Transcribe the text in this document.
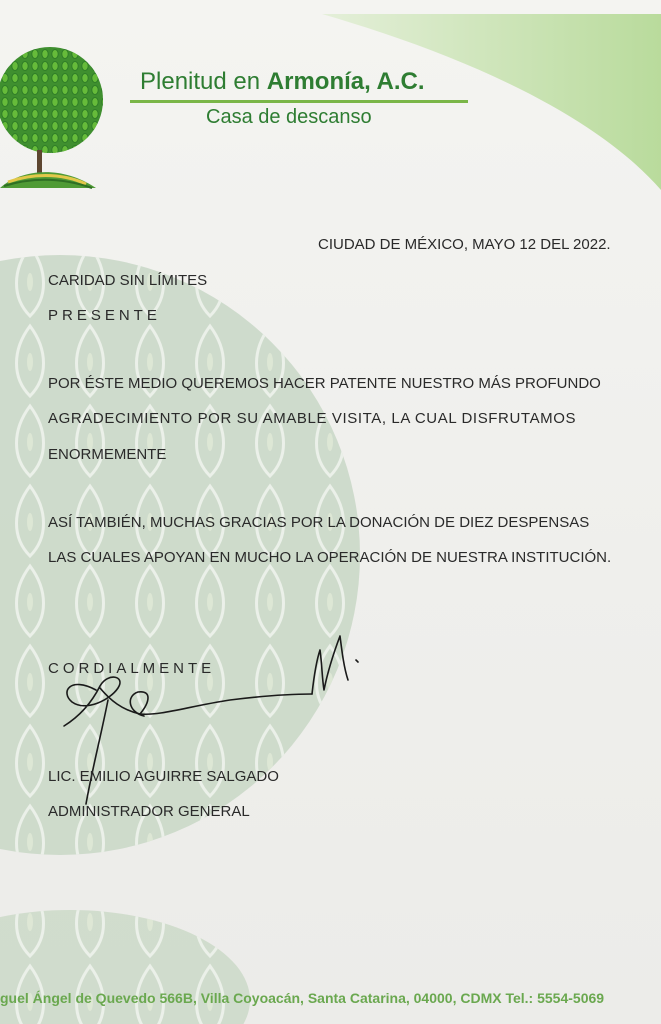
Plenitud en Armonía, A.C.
Casa de descanso
CIUDAD DE MÉXICO, MAYO 12 DEL 2022.
CARIDAD SIN LÍMITES
PRESENTE
POR ÉSTE MEDIO QUEREMOS HACER PATENTE NUESTRO MÁS PROFUNDO
AGRADECIMIENTO POR SU AMABLE VISITA, LA CUAL DISFRUTAMOS
ENORMEMENTE
ASÍ TAMBIÉN, MUCHAS GRACIAS POR LA DONACIÓN DE DIEZ DESPENSAS
LAS CUALES APOYAN EN MUCHO LA OPERACIÓN DE NUESTRA INSTITUCIÓN.
CORDIALMENTE
LIC. EMILIO AGUIRRE SALGADO
ADMINISTRADOR GENERAL
guel Ángel de Quevedo 566B, Villa Coyoacán, Santa Catarina, 04000, CDMX Tel.: 5554-5069
